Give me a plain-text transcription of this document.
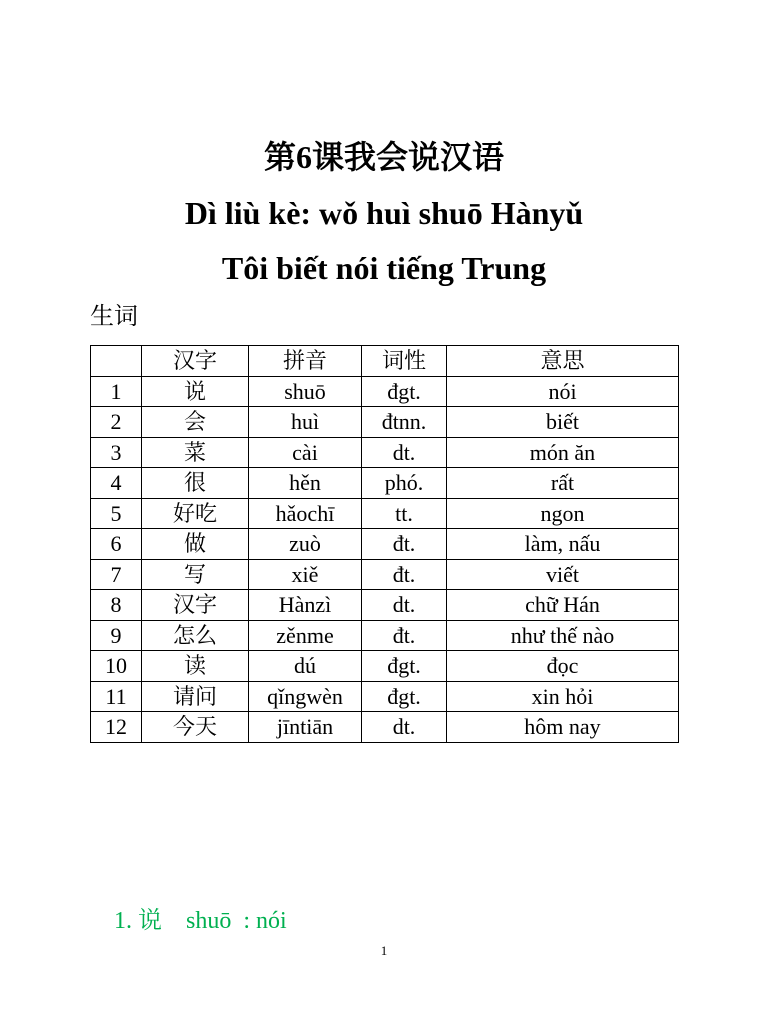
第6课我会说汉语
Dì liù kè: wǒ huì shuō Hànyǔ
Tôi biết nói tiếng Trung
生词
	汉字	拼音	词性	意思
1	说	shuō	đgt.	nói
2	会	huì	đtnn.	biết
3	菜	cài	dt.	món ăn
4	很	hěn	phó.	rất
5	好吃	hǎochī	tt.	ngon
6	做	zuò	đt.	làm, nấu
7	写	xiě	đt.	viết
8	汉字	Hànzì	dt.	chữ Hán
9	怎么	zěnme	đt.	như thế nào
10	读	dú	đgt.	đọc
11	请问	qǐngwèn	đgt.	xin hỏi
12	今天	jīntiān	dt.	hôm nay

1. 说 shuō : nói

1
